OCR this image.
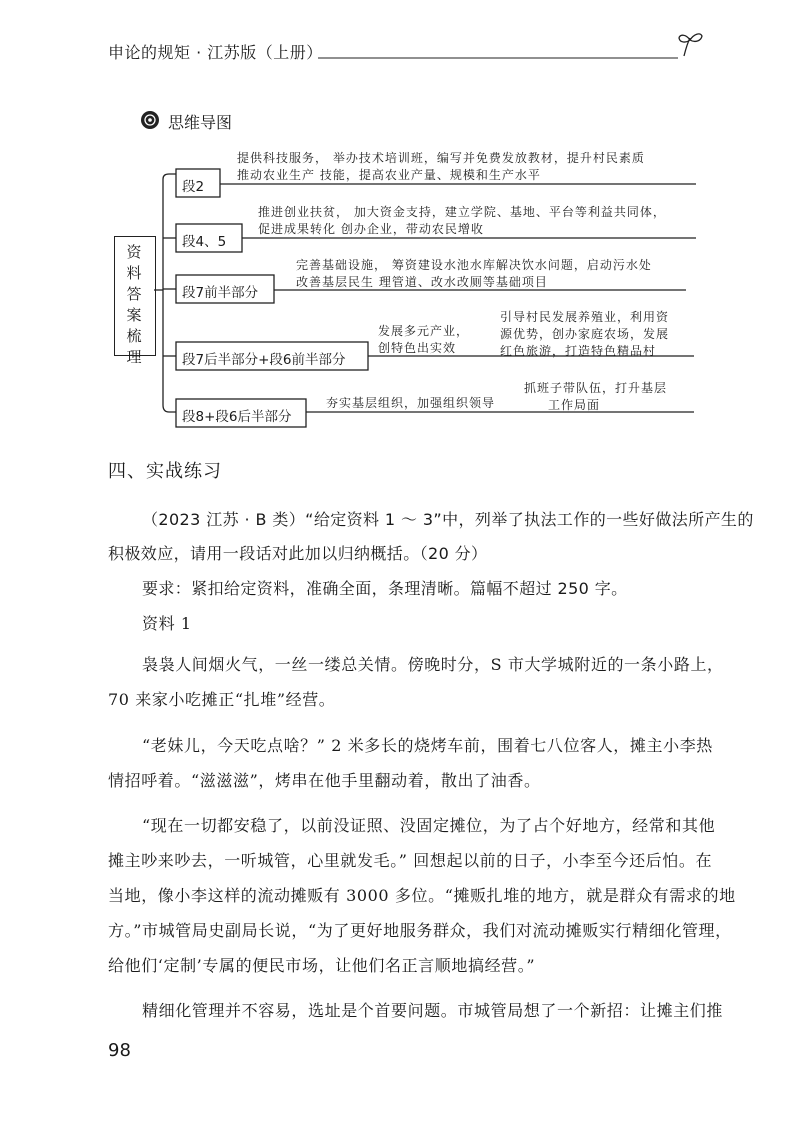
申论的规矩 · 江苏版（上册）
思维导图
资料答案梳理
段2
段4、5
段7前半部分
段7后半部分+段6前半部分
段8+段6后半部分
提供科技服务， 举办技术培训班，编写并免费发放教材，提升村民素质
推动农业生产 技能，提高农业产量、规模和生产水平
推进创业扶贫， 加大资金支持，建立学院、基地、平台等利益共同体，
促进成果转化 创办企业，带动农民增收
完善基础设施， 筹资建设水池水库解决饮水问题，启动污水处
改善基层民生 理管道、改水改厕等基础项目
发展多元产业，
创特色出实效
引导村民发展养殖业，利用资
源优势，创办家庭农场，发展
红色旅游，打造特色精品村
夯实基层组织，加强组织领导
抓班子带队伍，打升基层
工作局面
四、实战练习
（2023 江苏 · B 类）“给定资料 1 ～ 3”中，列举了执法工作的一些好做法所产生的
积极效应，请用一段话对此加以归纳概括。（20 分）
要求：紧扣给定资料，准确全面，条理清晰。篇幅不超过 250 字。
资料 1
袅袅人间烟火气，一丝一缕总关情。傍晚时分，S 市大学城附近的一条小路上，
70 来家小吃摊正“扎堆”经营。
“老妹儿，今天吃点啥？” 2 米多长的烧烤车前，围着七八位客人，摊主小李热
情招呼着。“滋滋滋”，烤串在他手里翻动着，散出了油香。
“现在一切都安稳了，以前没证照、没固定摊位，为了占个好地方，经常和其他
摊主吵来吵去，一听城管，心里就发毛。” 回想起以前的日子，小李至今还后怕。在
当地，像小李这样的流动摊贩有 3000 多位。“摊贩扎堆的地方，就是群众有需求的地
方。”市城管局史副局长说，“为了更好地服务群众，我们对流动摊贩实行精细化管理，
给他们‘定制’专属的便民市场，让他们名正言顺地搞经营。”
精细化管理并不容易，选址是个首要问题。市城管局想了一个新招：让摊主们推
98
